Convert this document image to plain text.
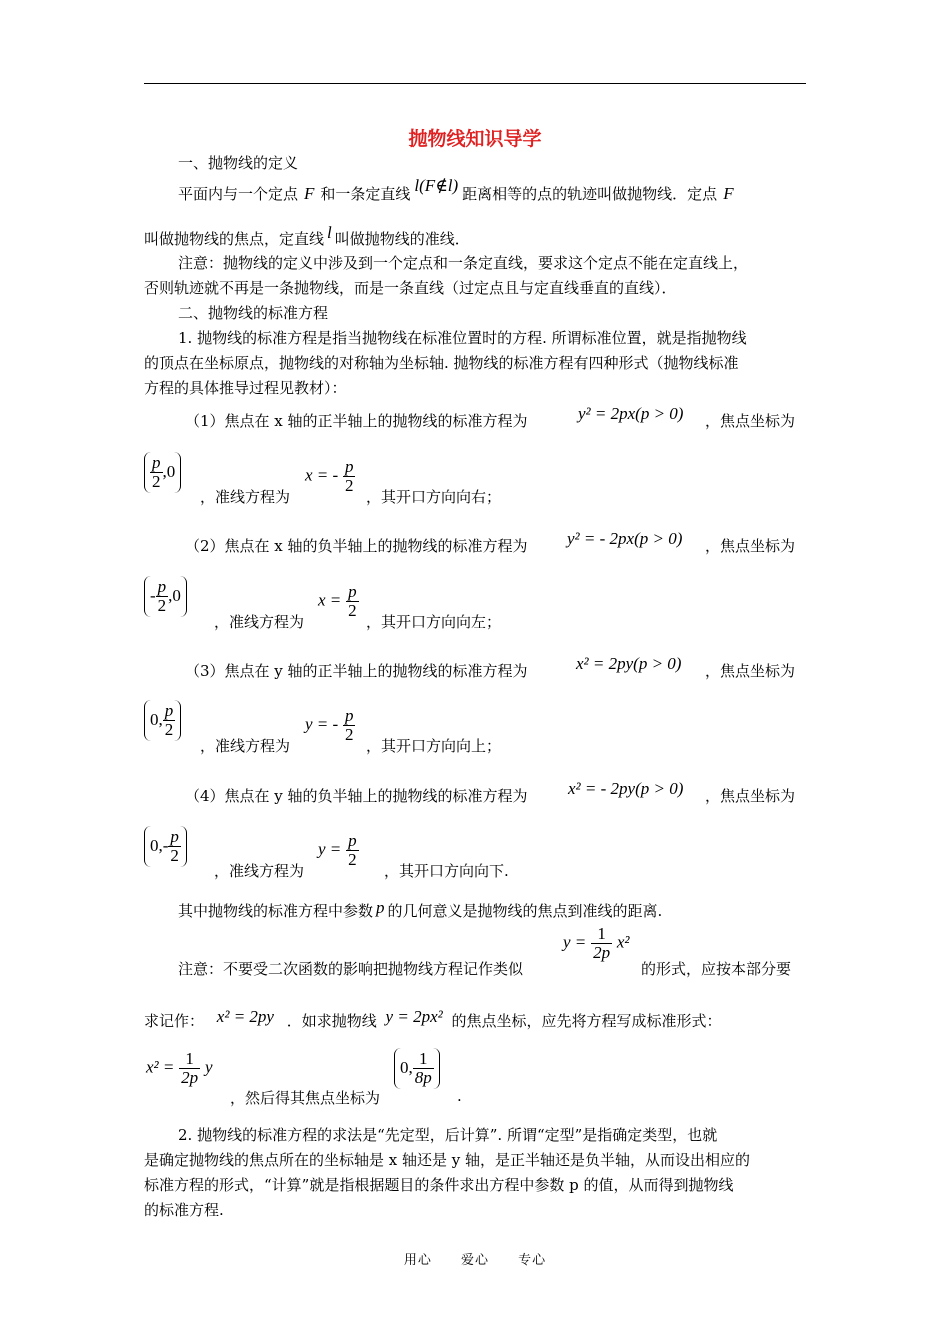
抛物线知识导学
一、抛物线的定义
平面内与一个定点 F 和一条定直线 l(F∉l) 距离相等的点的轨迹叫做抛物线．定点 F
叫做抛物线的焦点，定直线 l 叫做抛物线的准线．
注意：抛物线的定义中涉及到一个定点和一条定直线，要求这个定点不能在定直线上，
否则轨迹就不再是一条抛物线，而是一条直线（过定点且与定直线垂直的直线）．
二、抛物线的标准方程
1. 抛物线的标准方程是指当抛物线在标准位置时的方程. 所谓标准位置，就是指抛物线
的顶点在坐标原点，抛物线的对称轴为坐标轴. 抛物线的标准方程有四种形式（抛物线标准
方程的具体推导过程见教材）：
（1）焦点在 x 轴的正半轴上的抛物线的标准方程为	y² = 2px(p > 0) ，焦点坐标为
$\frac{p}{2} ,0$
，准线方程为
x = - $\frac{p}{2}$
，其开口方向向右；
（2）焦点在 x 轴的负半轴上的抛物线的标准方程为 y² = - 2px(p > 0) ，焦点坐标为
- $\frac{p}{2} ,0$
，准线方程为
$x = \frac{p}{2}$
，其开口方向向左；
（3）焦点在 y 轴的正半轴上的抛物线的标准方程为	x² = 2py(p > 0) ，焦点坐标为
0, $\frac{p}{2}$
，准线方程为
y = - $\frac{p}{2}$
，其开口方向向上；
（4）焦点在 y 轴的负半轴上的抛物线的标准方程为 x² = - 2py(p > 0) ，焦点坐标为
$0,- \frac{p}{2}$
，准线方程为
$y = \frac{p}{2}$
，其开口方向向下.
其中抛物线的标准方程中参数 p 的几何意义是抛物线的焦点到准线的距离.
注意：不要受二次函数的影响把抛物线方程记作类似
$y = \frac{1}{2p} x^2$
的形式，应按本部分要
求记作： x² = 2py ．如求抛物线 y = 2px² 的焦点坐标，应先将方程写成标准形式：
$x^2 = \frac{1}{2p}$ y
，然后得其焦点坐标为
0, $\frac{1}{8p}$
.
2. 抛物线的标准方程的求法是“先定型，后计算”. 所谓“定型”是指确定类型，也就
是确定抛物线的焦点所在的坐标轴是 x 轴还是 y 轴，是正半轴还是负半轴，从而设出相应的
标准方程的形式，“计算”就是指根据题目的条件求出方程中参数 p 的值，从而得到抛物线
的标准方程.
用心 爱心 专心
